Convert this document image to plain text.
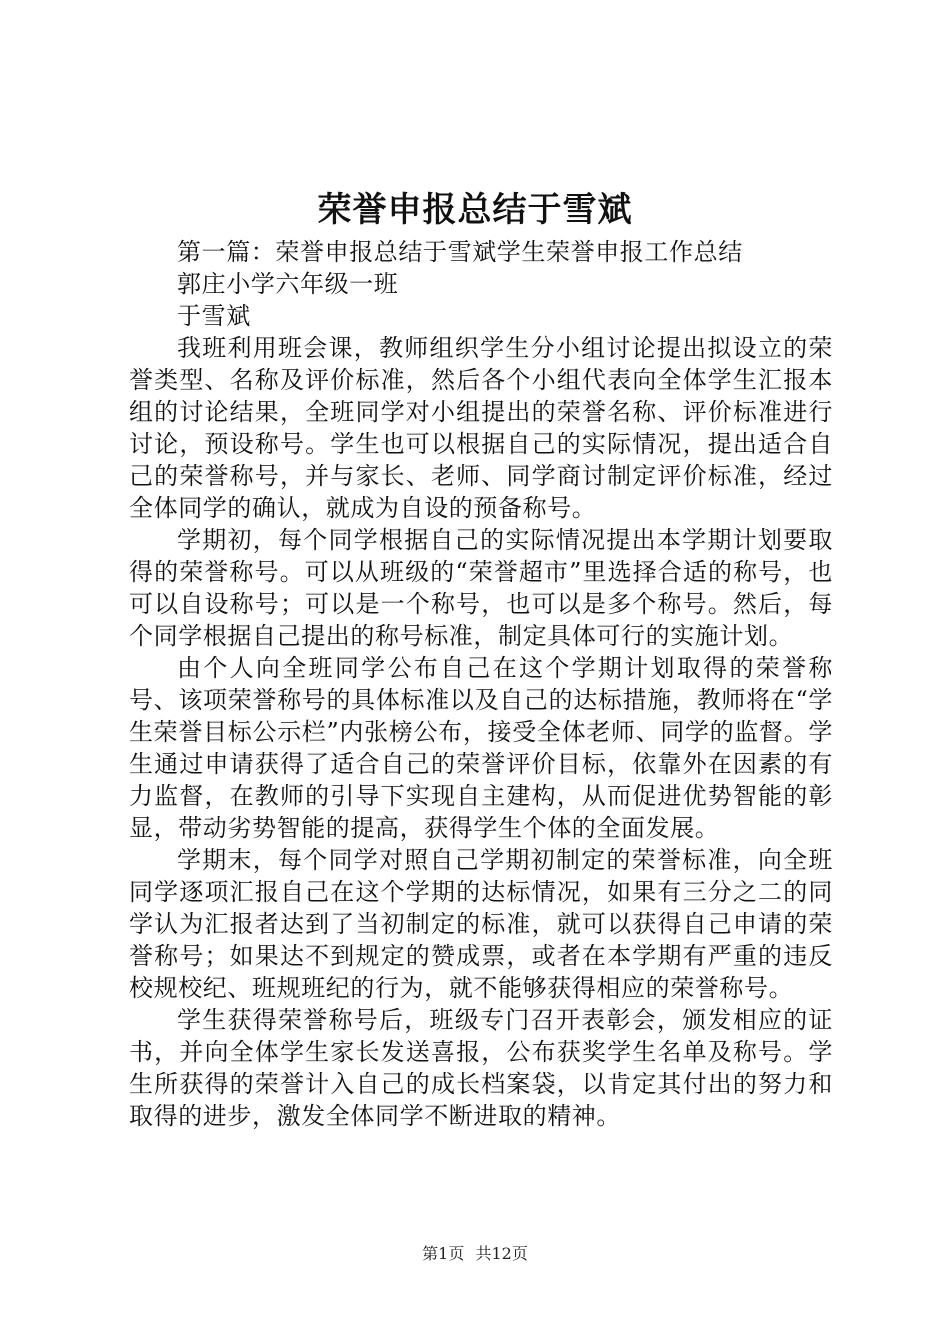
荣誉申报总结于雪斌

第一篇：荣誉申报总结于雪斌学生荣誉申报工作总结

郭庄小学六年级一班

于雪斌

我班利用班会课，教师组织学生分小组讨论提出拟设立的荣誉类型、名称及评价标准，然后各个小组代表向全体学生汇报本组的讨论结果，全班同学对小组提出的荣誉名称、评价标准进行讨论，预设称号。学生也可以根据自己的实际情况，提出适合自己的荣誉称号，并与家长、老师、同学商讨制定评价标准，经过全体同学的确认，就成为自设的预备称号。

学期初，每个同学根据自己的实际情况提出本学期计划要取得的荣誉称号。可以从班级的“荣誉超市”里选择合适的称号，也可以自设称号；可以是一个称号，也可以是多个称号。然后，每个同学根据自己提出的称号标准，制定具体可行的实施计划。

由个人向全班同学公布自己在这个学期计划取得的荣誉称号、该项荣誉称号的具体标准以及自己的达标措施，教师将在“学生荣誉目标公示栏”内张榜公布，接受全体老师、同学的监督。学生通过申请获得了适合自己的荣誉评价目标，依靠外在因素的有力监督，在教师的引导下实现自主建构，从而促进优势智能的彰显，带动劣势智能的提高，获得学生个体的全面发展。

学期末，每个同学对照自己学期初制定的荣誉标准，向全班同学逐项汇报自己在这个学期的达标情况，如果有三分之二的同学认为汇报者达到了当初制定的标准，就可以获得自己申请的荣誉称号；如果达不到规定的赞成票，或者在本学期有严重的违反校规校纪、班规班纪的行为，就不能够获得相应的荣誉称号。

学生获得荣誉称号后，班级专门召开表彰会，颁发相应的证书，并向全体学生家长发送喜报，公布获奖学生名单及称号。学生所获得的荣誉计入自己的成长档案袋，以肯定其付出的努力和取得的进步，激发全体同学不断进取的精神。

第1页 共12页
